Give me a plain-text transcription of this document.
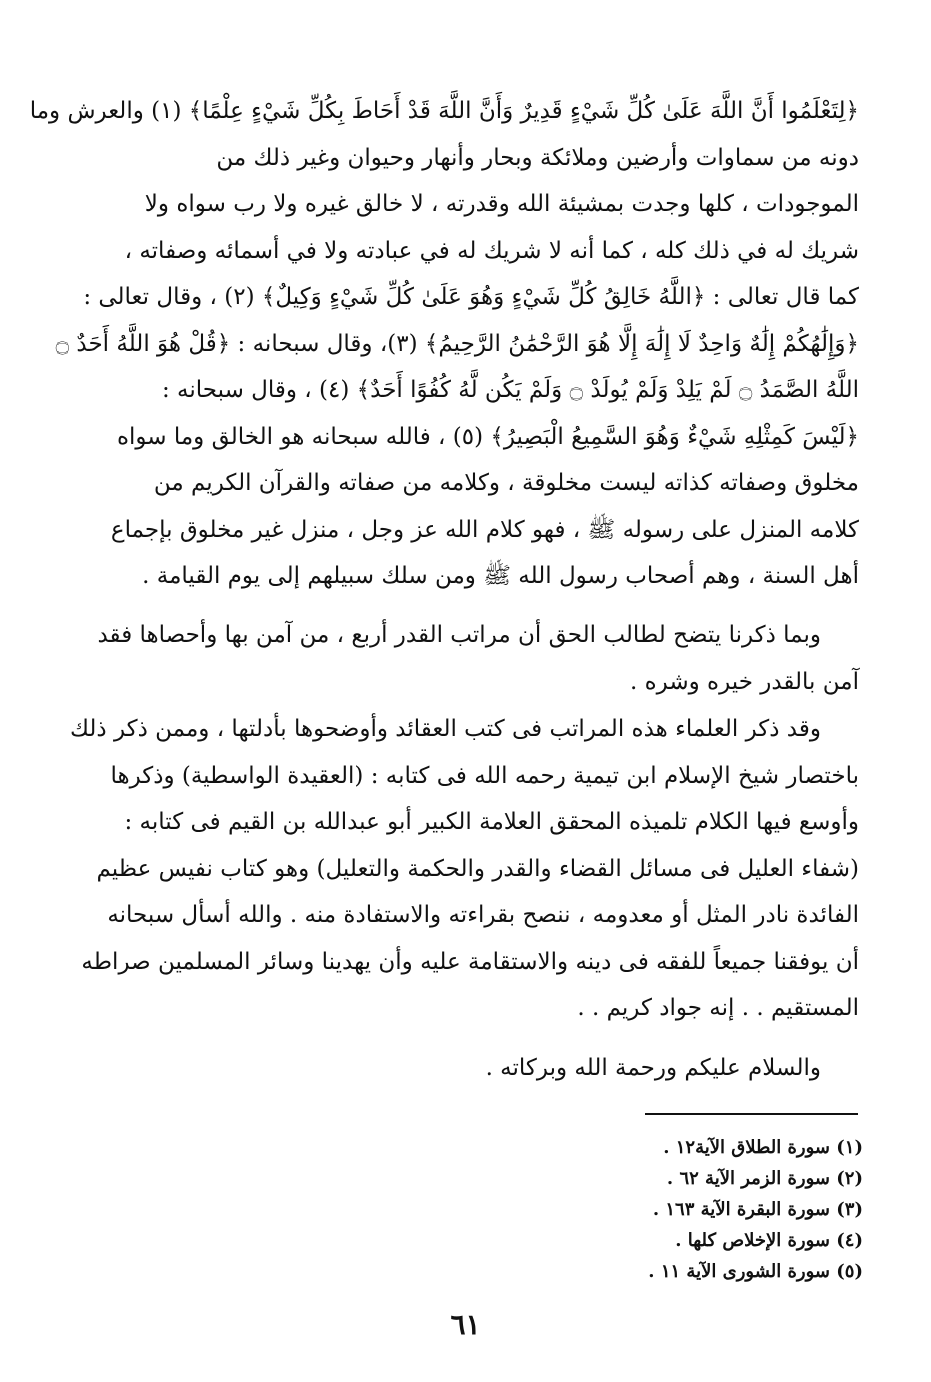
﴿لِتَعْلَمُوا أَنَّ اللَّهَ عَلَىٰ كُلِّ شَيْءٍ قَدِيرٌ وَأَنَّ اللَّهَ قَدْ أَحَاطَ بِكُلِّ شَيْءٍ عِلْمًا﴾ (١) والعرش وما
دونه من سماوات وأرضين وملائكة وبحار وأنهار وحيوان وغير ذلك من
الموجودات ، كلها وجدت بمشيئة الله وقدرته ، لا خالق غيره ولا رب سواه ولا
شريك له في ذلك كله ، كما أنه لا شريك له في عبادته ولا في أسمائه وصفاته ،
كما قال تعالى : ﴿اللَّهُ خَالِقُ كُلِّ شَيْءٍ وَهُوَ عَلَىٰ كُلِّ شَيْءٍ وَكِيلٌ﴾ (٢) ، وقال تعالى :
﴿وَإِلَٰهُكُمْ إِلَٰهٌ وَاحِدٌ لَا إِلَٰهَ إِلَّا هُوَ الرَّحْمَٰنُ الرَّحِيمُ﴾ (٣)، وقال سبحانه : ﴿قُلْ هُوَ اللَّهُ أَحَدٌ ۝
اللَّهُ الصَّمَدُ ۝ لَمْ يَلِدْ وَلَمْ يُولَدْ ۝ وَلَمْ يَكُن لَّهُ كُفُوًا أَحَدٌ﴾ (٤) ، وقال سبحانه :
﴿لَيْسَ كَمِثْلِهِ شَيْءٌ وَهُوَ السَّمِيعُ الْبَصِيرُ﴾ (٥) ، فالله سبحانه هو الخالق وما سواه
مخلوق وصفاته كذاته ليست مخلوقة ، وكلامه من صفاته والقرآن الكريم من
كلامه المنزل على رسوله ﷺ ، فهو كلام الله عز وجل ، منزل غير مخلوق بإجماع
أهل السنة ، وهم أصحاب رسول الله ﷺ ومن سلك سبيلهم إلى يوم القيامة .

وبما ذكرنا يتضح لطالب الحق أن مراتب القدر أربع ، من آمن بها وأحصاها فقد
آمن بالقدر خيره وشره .

وقد ذكر العلماء هذه المراتب فى كتب العقائد وأوضحوها بأدلتها ، وممن ذكر ذلك
باختصار شيخ الإسلام ابن تيمية رحمه الله فى كتابه : (العقيدة الواسطية) وذكرها
وأوسع فيها الكلام تلميذه المحقق العلامة الكبير أبو عبدالله بن القيم فى كتابه :
(شفاء العليل فى مسائل القضاء والقدر والحكمة والتعليل) وهو كتاب نفيس عظيم
الفائدة نادر المثل أو معدومه ، ننصح بقراءته والاستفادة منه . والله أسأل سبحانه
أن يوفقنا جميعاً للفقه فى دينه والاستقامة عليه وأن يهدينا وسائر المسلمين صراطه
المستقيم . . إنه جواد كريم . .

والسلام عليكم ورحمة الله وبركاته .
(١) سورة الطلاق الآية١٢ .
(٢) سورة الزمر الآية ٦٢ .
(٣) سورة البقرة الآية ١٦٣ .
(٤) سورة الإخلاص كلها .
(٥) سورة الشورى الآية ١١ .
٦١
